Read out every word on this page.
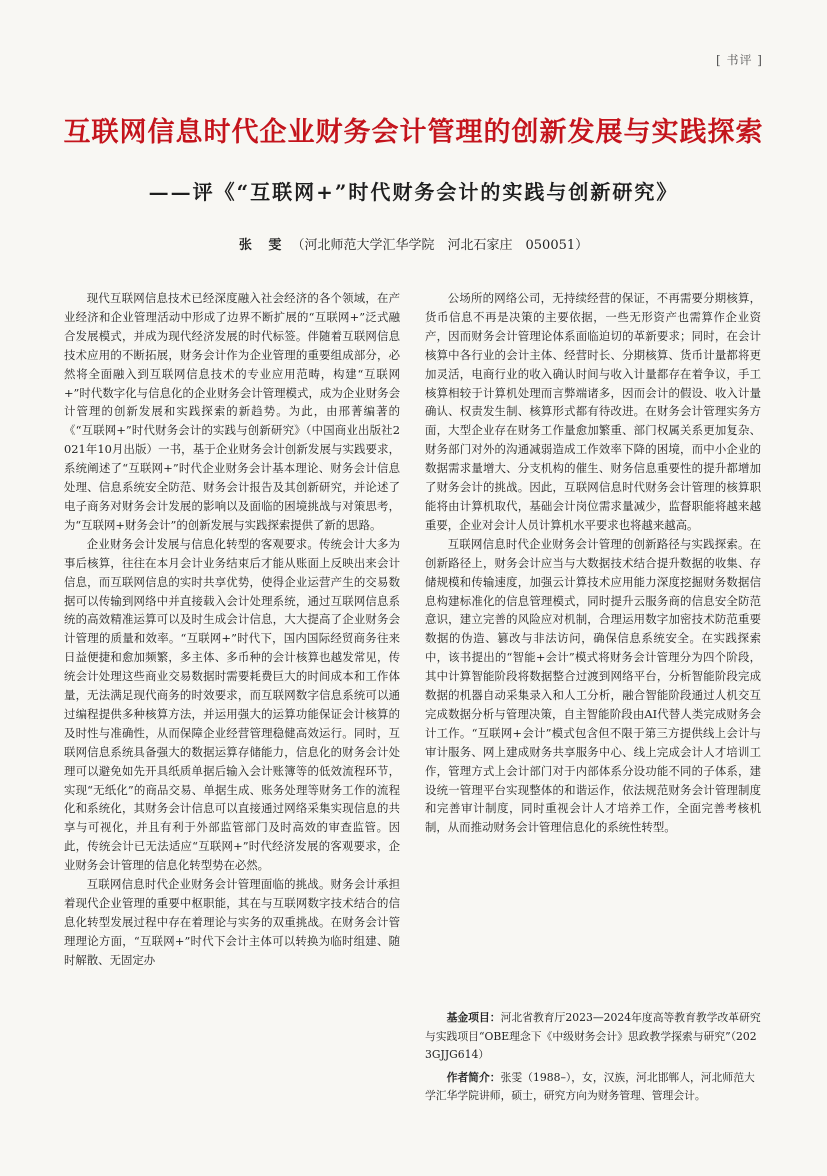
[ 书评 ]
互联网信息时代企业财务会计管理的创新发展与实践探索
——评《“互联网+”时代财务会计的实践与创新研究》
张 雯 （河北师范大学汇华学院　河北石家庄　050051）

现代互联网信息技术已经深度融入社会经济的各个领域，在产业经济和企业管理活动中形成了边界不断扩展的“互联网+”泛式融合发展模式，并成为现代经济发展的时代标签。伴随着互联网信息技术应用的不断拓展，财务会计作为企业管理的重要组成部分，必然将全面融入到互联网信息技术的专业应用范畴，构建“互联网+”时代数字化与信息化的企业财务会计管理模式，成为企业财务会计管理的创新发展和实践探索的新趋势。为此，由邢菁编著的《“互联网+”时代财务会计的实践与创新研究》（中国商业出版社2021年10月出版）一书，基于企业财务会计创新发展与实践要求，系统阐述了“互联网+”时代企业财务会计基本理论、财务会计信息处理、信息系统安全防范、财务会计报告及其创新研究，并论述了电子商务对财务会计发展的影响以及面临的困境挑战与对策思考，为“互联网+财务会计”的创新发展与实践探索提供了新的思路。

企业财务会计发展与信息化转型的客观要求。传统会计大多为事后核算，往往在本月会计业务结束后才能从账面上反映出来会计信息，而互联网信息的实时共享优势，使得企业运营产生的交易数据可以传输到网络中并直接载入会计处理系统，通过互联网信息系统的高效精准运算可以及时生成会计信息，大大提高了企业财务会计管理的质量和效率。“互联网+”时代下，国内国际经贸商务往来日益便捷和愈加频繁，多主体、多币种的会计核算也越发常见，传统会计处理这些商业交易数据时需要耗费巨大的时间成本和工作体量，无法满足现代商务的时效要求，而互联网数字信息系统可以通过编程提供多种核算方法，并运用强大的运算功能保证会计核算的及时性与准确性，从而保障企业经营管理稳健高效运行。同时，互联网信息系统具备强大的数据运算存储能力，信息化的财务会计处理可以避免如先开具纸质单据后输入会计账簿等的低效流程环节，实现“无纸化”的商品交易、单据生成、账务处理等财务工作的流程化和系统化，其财务会计信息可以直接通过网络采集实现信息的共享与可视化，并且有利于外部监管部门及时高效的审查监管。因此，传统会计已无法适应“互联网+”时代经济发展的客观要求，企业财务会计管理的信息化转型势在必然。

互联网信息时代企业财务会计管理面临的挑战。财务会计承担着现代企业管理的重要中枢职能，其在与互联网数字技术结合的信息化转型发展过程中存在着理论与实务的双重挑战。在财务会计管理理论方面，“互联网+”时代下会计主体可以转换为临时组建、随时解散、无固定办

公场所的网络公司，无持续经营的保证，不再需要分期核算，货币信息不再是决策的主要依据，一些无形资产也需算作企业资产，因而财务会计管理论体系面临迫切的革新要求；同时，在会计核算中各行业的会计主体、经营时长、分期核算、货币计量都将更加灵活，电商行业的收入确认时间与收入计量都存在着争议，手工核算相较于计算机处理而言弊端诸多，因而会计的假设、收入计量确认、权责发生制、核算形式都有待改进。在财务会计管理实务方面，大型企业存在财务工作量愈加繁重、部门权属关系更加复杂、财务部门对外的沟通减弱造成工作效率下降的困境，而中小企业的数据需求量增大、分支机构的催生、财务信息重要性的提升都增加了财务会计的挑战。因此，互联网信息时代财务会计管理的核算职能将由计算机取代，基础会计岗位需求量减少，监督职能将越来越重要，企业对会计人员计算机水平要求也将越来越高。

互联网信息时代企业财务会计管理的创新路径与实践探索。在创新路径上，财务会计应当与大数据技术结合提升数据的收集、存储规模和传输速度，加强云计算技术应用能力深度挖掘财务数据信息构建标准化的信息管理模式，同时提升云服务商的信息安全防范意识，建立完善的风险应对机制，合理运用数字加密技术防范重要数据的伪造、篡改与非法访问，确保信息系统安全。在实践探索中，该书提出的“智能+会计”模式将财务会计管理分为四个阶段，其中计算智能阶段将数据整合过渡到网络平台，分析智能阶段完成数据的机器自动采集录入和人工分析，融合智能阶段通过人机交互完成数据分析与管理决策，自主智能阶段由AI代替人类完成财务会计工作。“互联网+会计”模式包含但不限于第三方提供线上会计与审计服务、网上建成财务共享服务中心、线上完成会计人才培训工作，管理方式上会计部门对于内部体系分设功能不同的子体系，建设统一管理平台实现整体的和谐运作，依法规范财务会计管理制度和完善审计制度，同时重视会计人才培养工作，全面完善考核机制，从而推动财务会计管理信息化的系统性转型。

基金项目：河北省教育厅2023—2024年度高等教育教学改革研究与实践项目“OBE理念下《中级财务会计》思政教学探索与研究”（2023GJJG614）

作者简介：张雯（1988–），女，汉族，河北邯郸人，河北师范大学汇华学院讲师，硕士，研究方向为财务管理、管理会计。
